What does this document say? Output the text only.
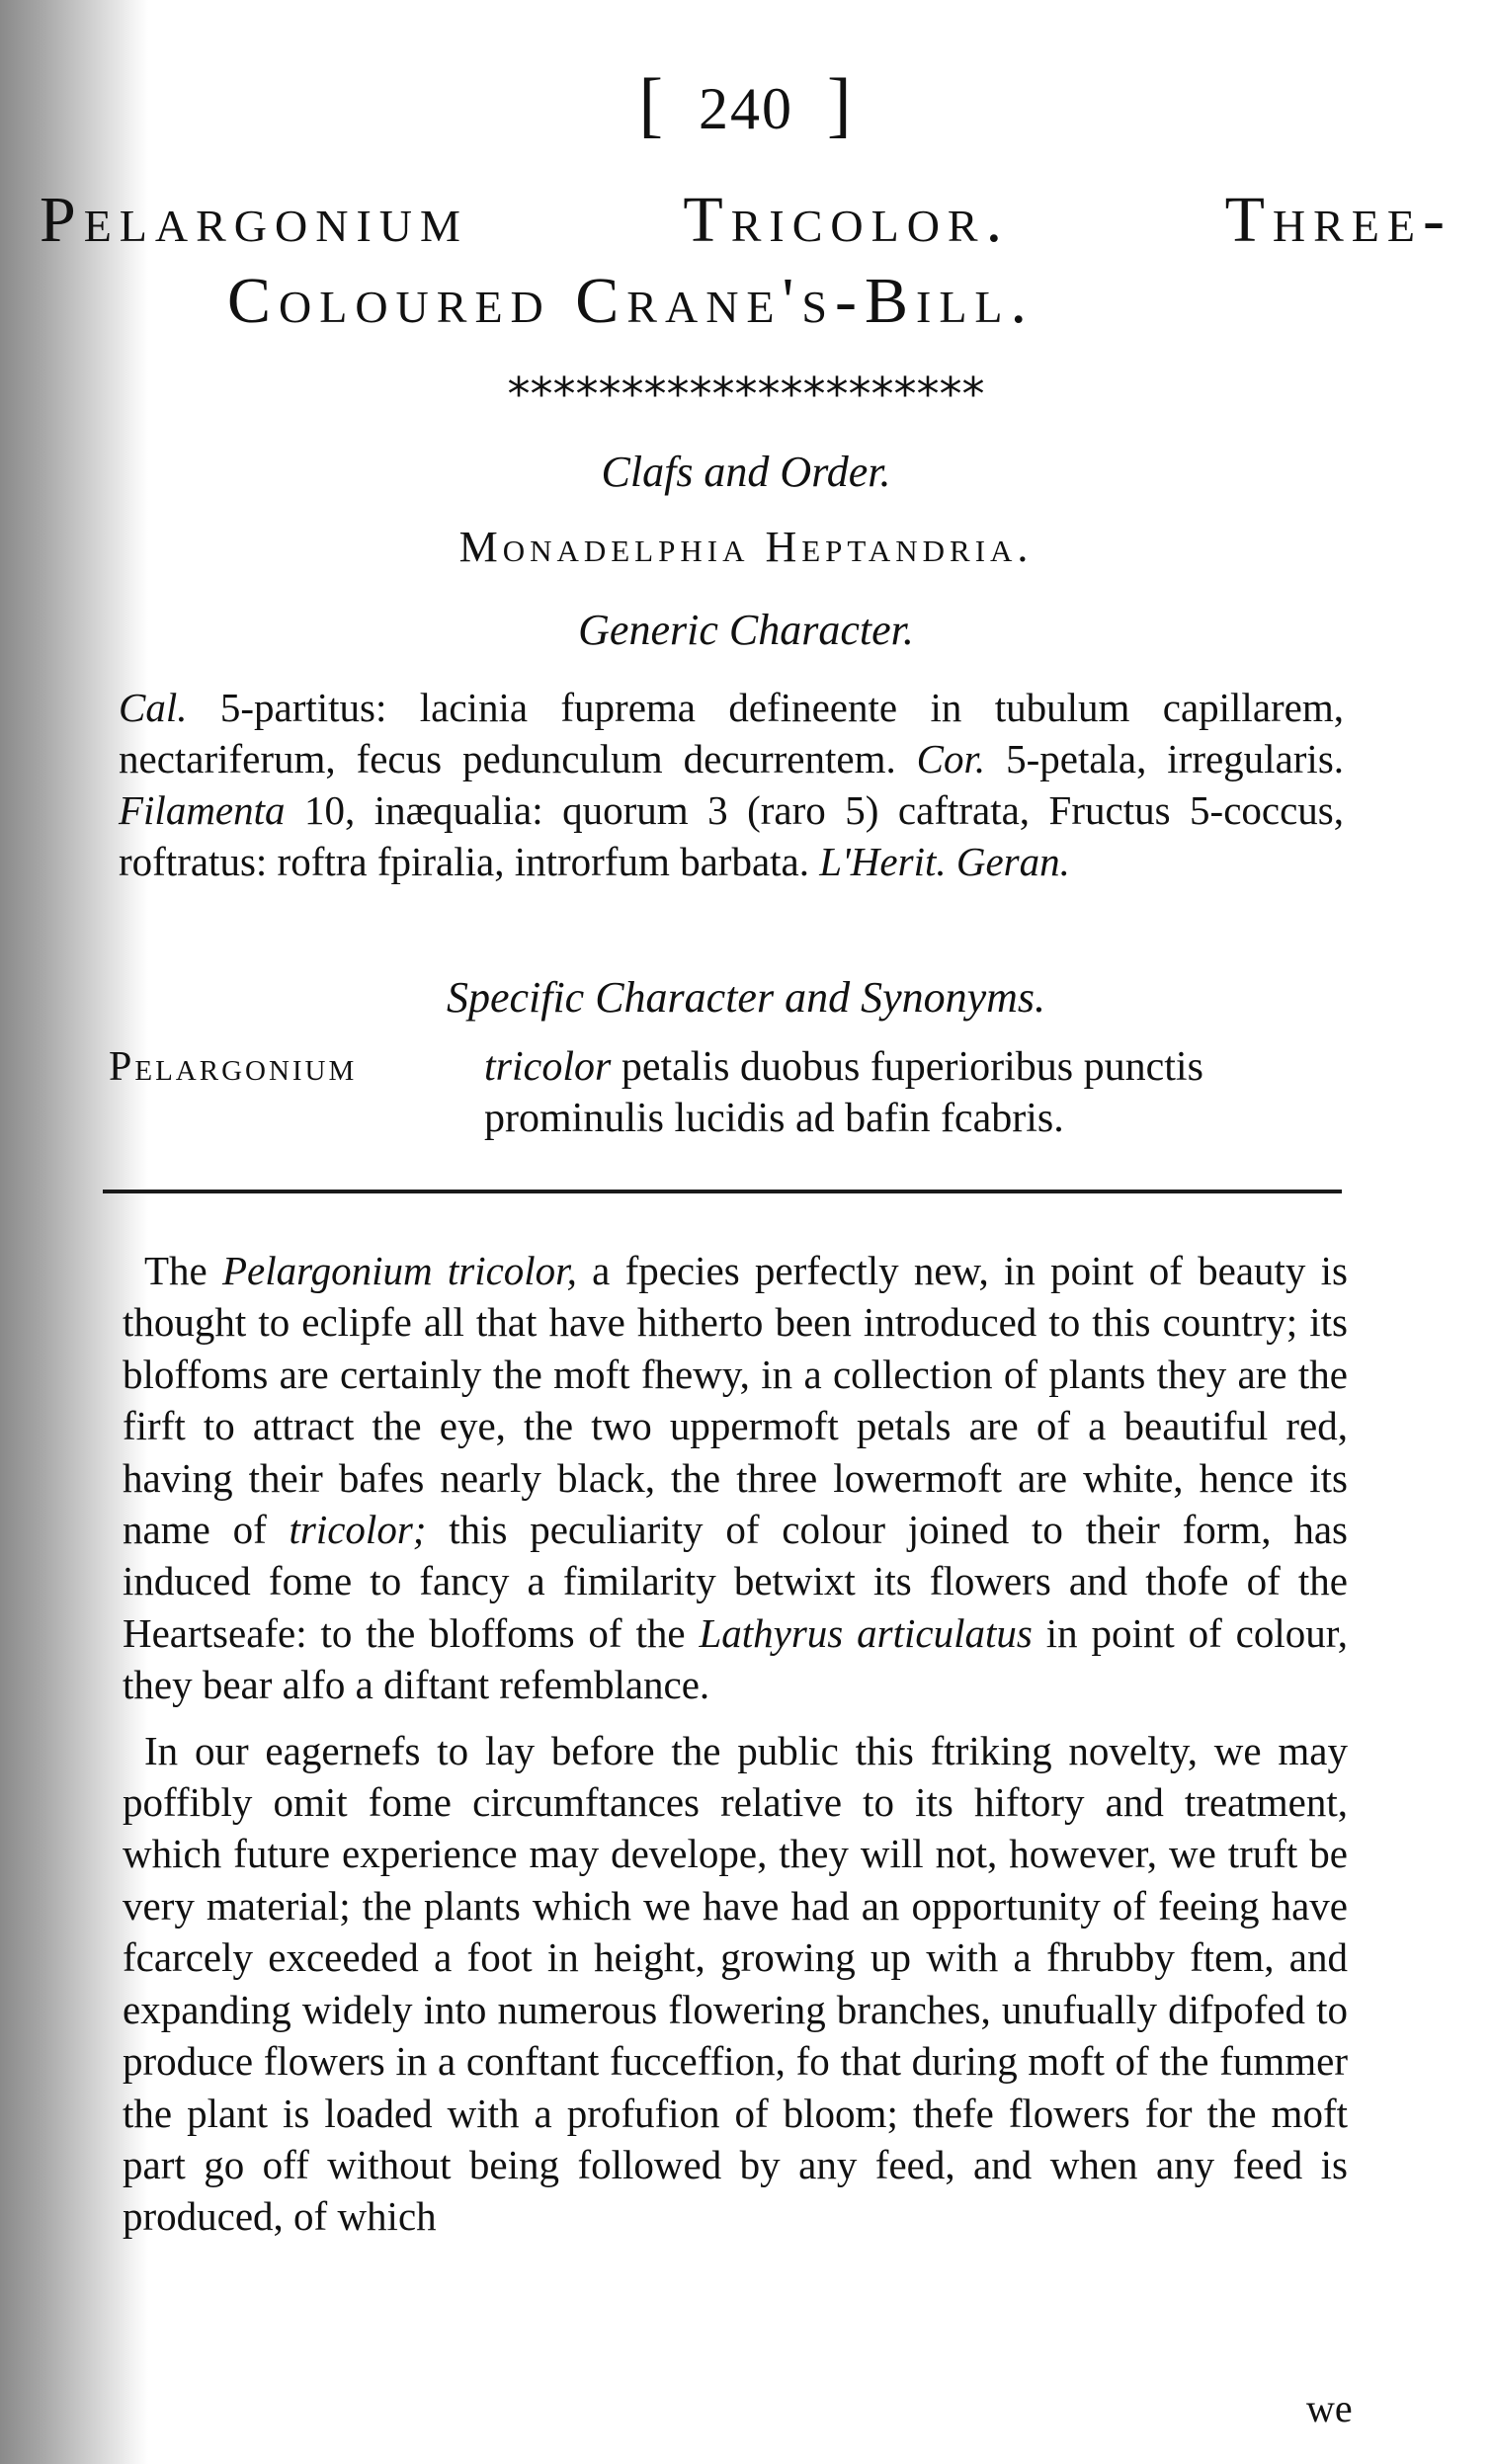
[ 240 ]
Pelargonium Tricolor. Three-
Coloured Crane's-Bill.
*********************
Clafs and Order.
Monadelphia Heptandria.
Generic Character.
Cal. 5-partitus: lacinia fuprema defineente in tubulum capillarem, nectariferum, fecus pedunculum decurrentem. Cor. 5-petala, irregularis. Filamenta 10, inæqualia: quorum 3 (raro 5) caftrata, Fructus 5-coccus, roftratus: roftra fpiralia, introrfum barbata. L'Herit. Geran.
Specific Character and Synonyms.
Pelargonium	tricolor petalis duobus fuperioribus punctis prominulis lucidis ad bafin fcabris.

The Pelargonium tricolor, a fpecies perfectly new, in point of beauty is thought to eclipfe all that have hitherto been introduced to this country; its bloffoms are certainly the moft fhewy, in a collection of plants they are the firft to attract the eye, the two uppermoft petals are of a beautiful red, having their bafes nearly black, the three lowermoft are white, hence its name of tricolor; this peculiarity of colour joined to their form, has induced fome to fancy a fimilarity betwixt its flowers and thofe of the Heartseafe: to the bloffoms of the Lathyrus articulatus in point of colour, they bear alfo a diftant refemblance.

In our eagernefs to lay before the public this ftriking novelty, we may poffibly omit fome circumftances relative to its hiftory and treatment, which future experience may develope, they will not, however, we truft be very material; the plants which we have had an opportunity of feeing have fcarcely exceeded a foot in height, growing up with a fhrubby ftem, and expanding widely into numerous flowering branches, unufually difpofed to produce flowers in a conftant fucceffion, fo that during moft of the fummer the plant is loaded with a profufion of bloom; thefe flowers for the moft part go off without being followed by any feed, and when any feed is produced, of which

we
